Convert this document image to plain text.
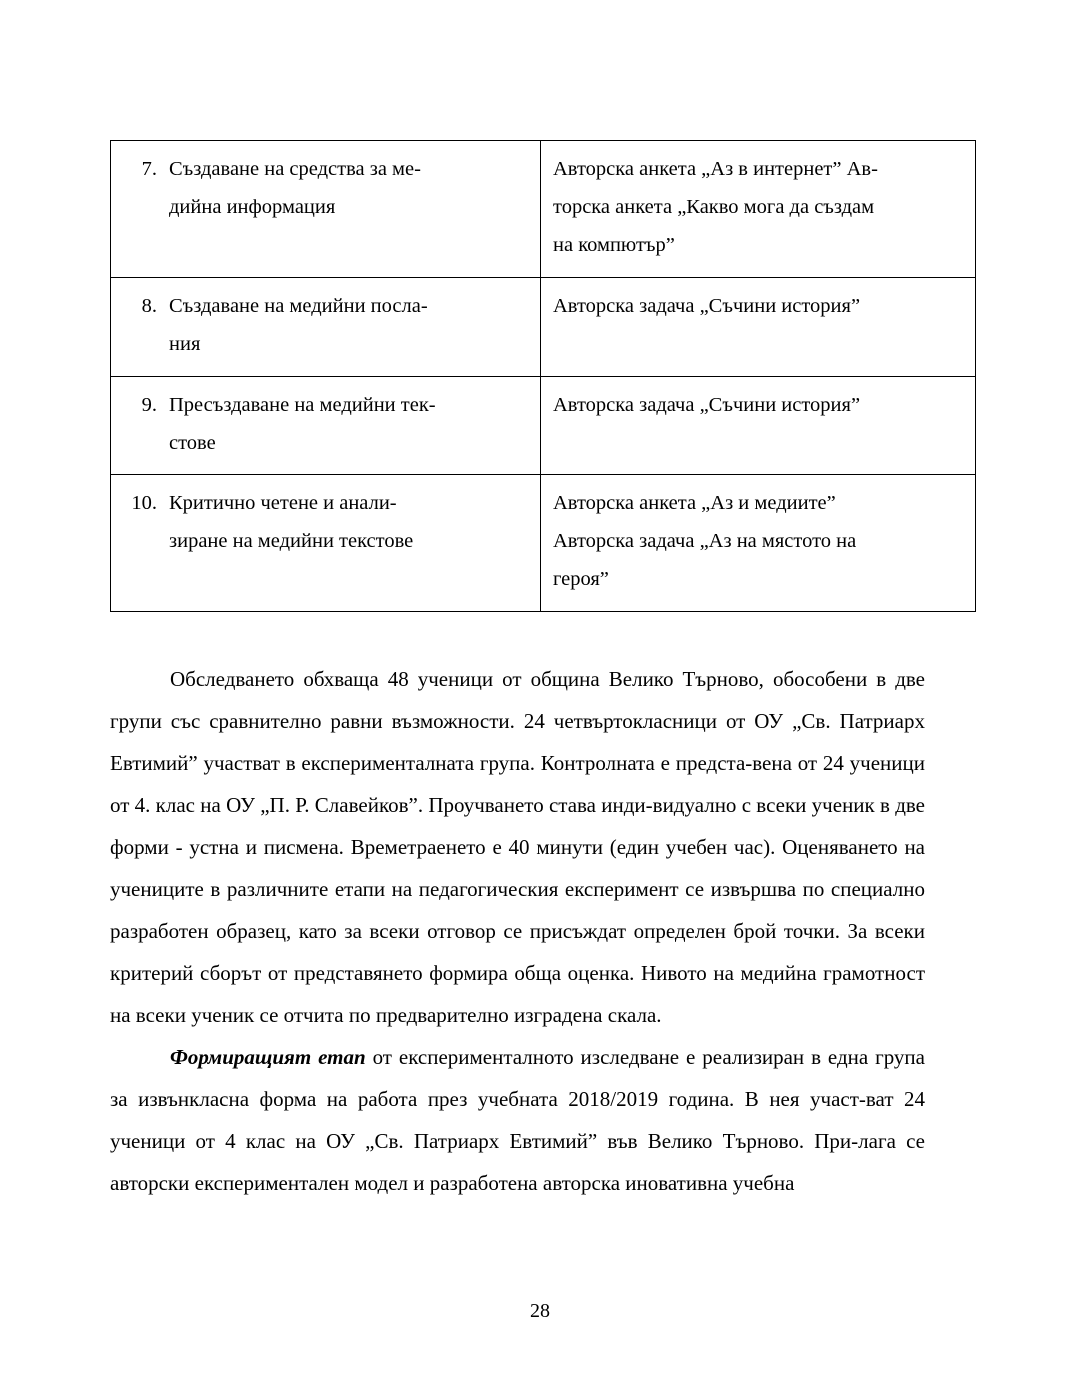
7. Създаване на средства за ме-
дийна информация	Авторска анкета „Аз в интернет” Ав-
торска анкета „Какво мога да създам
на компютър”

8. Създаване на медийни посла-
ния	Авторска задача „Съчини история”

9. Пресъздаване на медийни тек-
стове	Авторска задача „Съчини история”

10. Критично четене и анали-
зиране на медийни текстове	Авторска анкета „Аз и медиите”
Авторска задача „Аз на мястото на
героя”

Обследването обхваща 48 ученици от община Велико Търново, обособени в две групи със сравнително равни възможности. 24 четвъртокласници от ОУ „Св. Патриарх Евтимий” участват в експерименталната група. Контролната е предста-вена от 24 ученици от 4. клас на ОУ „П. Р. Славейков”. Проучването става инди-видуално с всеки ученик в две форми - устна и писмена. Времетраенето е 40 минути (един учебен час). Оценяването на учениците в различните етапи на педагогическия експеримент се извършва по специално разработен образец, като за всеки отговор се присъждат определен брой точки. За всеки критерий сборът от представянето формира обща оценка. Нивото на медийна грамотност на всеки ученик се отчита по предварително изградена скала.

Формиращият етап от експерименталното изследване е реализиран в една група за извънкласна форма на работа през учебната 2018/2019 година. В нея участ-ват 24 ученици от 4 клас на ОУ „Св. Патриарх Евтимий” във Велико Търново. При-лага се авторски експериментален модел и разработена авторска иновативна учебна

28
